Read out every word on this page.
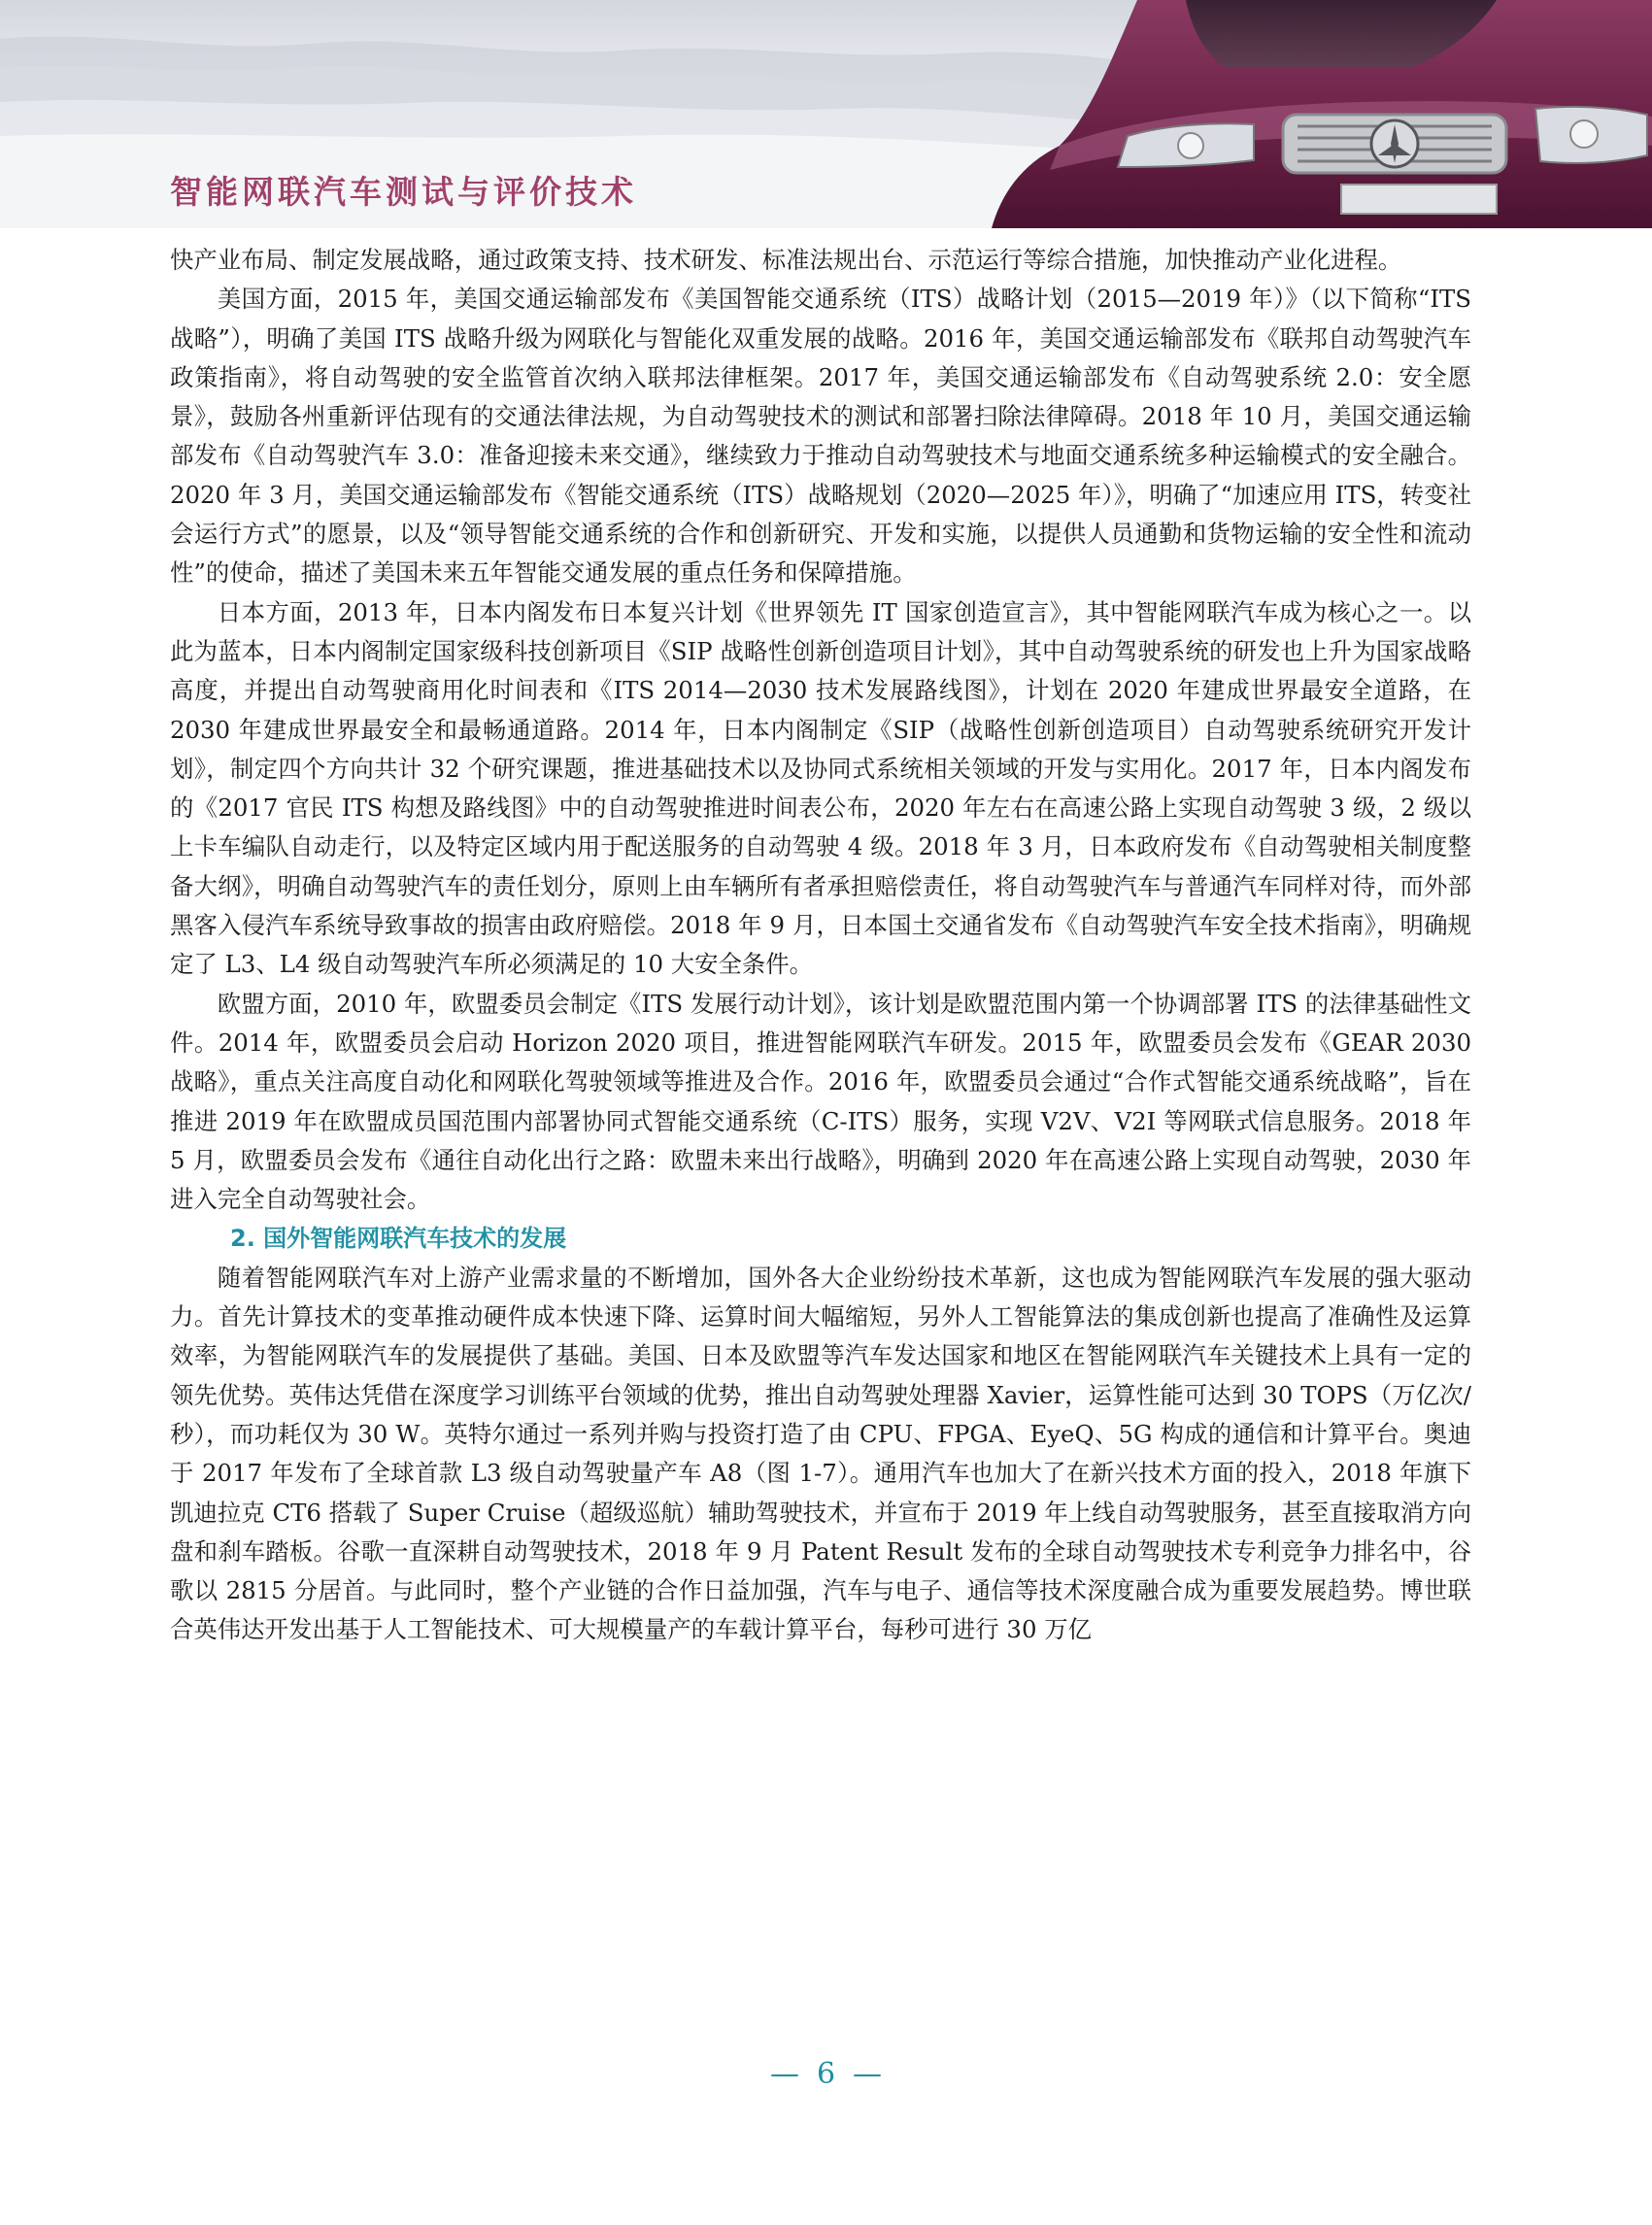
智能网联汽车测试与评价技术

快产业布局、制定发展战略，通过政策支持、技术研发、标准法规出台、示范运行等综合措施，加快推动产业化进程。

美国方面，2015 年，美国交通运输部发布《美国智能交通系统（ITS）战略计划（2015—2019 年）》（以下简称“ITS 战略”），明确了美国 ITS 战略升级为网联化与智能化双重发展的战略。2016 年，美国交通运输部发布《联邦自动驾驶汽车政策指南》，将自动驾驶的安全监管首次纳入联邦法律框架。2017 年，美国交通运输部发布《自动驾驶系统 2.0：安全愿景》，鼓励各州重新评估现有的交通法律法规，为自动驾驶技术的测试和部署扫除法律障碍。2018 年 10 月，美国交通运输部发布《自动驾驶汽车 3.0：准备迎接未来交通》，继续致力于推动自动驾驶技术与地面交通系统多种运输模式的安全融合。2020 年 3 月，美国交通运输部发布《智能交通系统（ITS）战略规划（2020—2025 年）》，明确了“加速应用 ITS，转变社会运行方式”的愿景，以及“领导智能交通系统的合作和创新研究、开发和实施，以提供人员通勤和货物运输的安全性和流动性”的使命，描述了美国未来五年智能交通发展的重点任务和保障措施。

日本方面，2013 年，日本内阁发布日本复兴计划《世界领先 IT 国家创造宣言》，其中智能网联汽车成为核心之一。以此为蓝本，日本内阁制定国家级科技创新项目《SIP 战略性创新创造项目计划》，其中自动驾驶系统的研发也上升为国家战略高度，并提出自动驾驶商用化时间表和《ITS 2014—2030 技术发展路线图》，计划在 2020 年建成世界最安全道路，在 2030 年建成世界最安全和最畅通道路。2014 年，日本内阁制定《SIP（战略性创新创造项目）自动驾驶系统研究开发计划》，制定四个方向共计 32 个研究课题，推进基础技术以及协同式系统相关领域的开发与实用化。2017 年，日本内阁发布的《2017 官民 ITS 构想及路线图》中的自动驾驶推进时间表公布，2020 年左右在高速公路上实现自动驾驶 3 级，2 级以上卡车编队自动走行，以及特定区域内用于配送服务的自动驾驶 4 级。2018 年 3 月，日本政府发布《自动驾驶相关制度整备大纲》，明确自动驾驶汽车的责任划分，原则上由车辆所有者承担赔偿责任，将自动驾驶汽车与普通汽车同样对待，而外部黑客入侵汽车系统导致事故的损害由政府赔偿。2018 年 9 月，日本国土交通省发布《自动驾驶汽车安全技术指南》，明确规定了 L3、L4 级自动驾驶汽车所必须满足的 10 大安全条件。

欧盟方面，2010 年，欧盟委员会制定《ITS 发展行动计划》，该计划是欧盟范围内第一个协调部署 ITS 的法律基础性文件。2014 年，欧盟委员会启动 Horizon 2020 项目，推进智能网联汽车研发。2015 年，欧盟委员会发布《GEAR 2030 战略》，重点关注高度自动化和网联化驾驶领域等推进及合作。2016 年，欧盟委员会通过“合作式智能交通系统战略”，旨在推进 2019 年在欧盟成员国范围内部署协同式智能交通系统（C-ITS）服务，实现 V2V、V2I 等网联式信息服务。2018 年 5 月，欧盟委员会发布《通往自动化出行之路：欧盟未来出行战略》，明确到 2020 年在高速公路上实现自动驾驶，2030 年进入完全自动驾驶社会。

2. 国外智能网联汽车技术的发展

随着智能网联汽车对上游产业需求量的不断增加，国外各大企业纷纷技术革新，这也成为智能网联汽车发展的强大驱动力。首先计算技术的变革推动硬件成本快速下降、运算时间大幅缩短，另外人工智能算法的集成创新也提高了准确性及运算效率，为智能网联汽车的发展提供了基础。美国、日本及欧盟等汽车发达国家和地区在智能网联汽车关键技术上具有一定的领先优势。英伟达凭借在深度学习训练平台领域的优势，推出自动驾驶处理器 Xavier，运算性能可达到 30 TOPS（万亿次/秒），而功耗仅为 30 W。英特尔通过一系列并购与投资打造了由 CPU、FPGA、EyeQ、5G 构成的通信和计算平台。奥迪于 2017 年发布了全球首款 L3 级自动驾驶量产车 A8（图 1-7）。通用汽车也加大了在新兴技术方面的投入，2018 年旗下凯迪拉克 CT6 搭载了 Super Cruise（超级巡航）辅助驾驶技术，并宣布于 2019 年上线自动驾驶服务，甚至直接取消方向盘和刹车踏板。谷歌一直深耕自动驾驶技术，2018 年 9 月 Patent Result 发布的全球自动驾驶技术专利竞争力排名中，谷歌以 2815 分居首。与此同时，整个产业链的合作日益加强，汽车与电子、通信等技术深度融合成为重要发展趋势。博世联合英伟达开发出基于人工智能技术、可大规模量产的车载计算平台，每秒可进行 30 万亿

— 6 —
